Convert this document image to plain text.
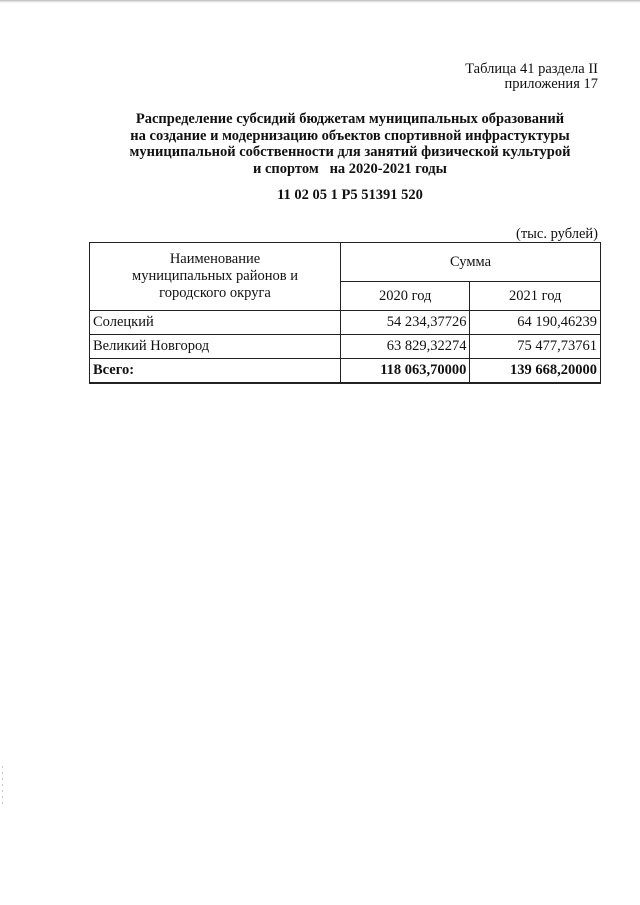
Таблица 41 раздела II
приложения 17
Распределение субсидий бюджетам муниципальных образований
на создание и модернизацию объектов спортивной инфрастуктуры
муниципальной собственности для занятий физической культурой
и спортом   на 2020-2021 годы
11 02 05 1 Р5 51391 520
(тыс. рублей)
Наименование
муниципальных районов и
городского округа	Сумма	
	2020 год	2021 год
Солецкий	54 234,37726	64 190,46239
Великий Новгород	63 829,32274	75 477,73761
Всего:	118 063,70000	139 668,20000
